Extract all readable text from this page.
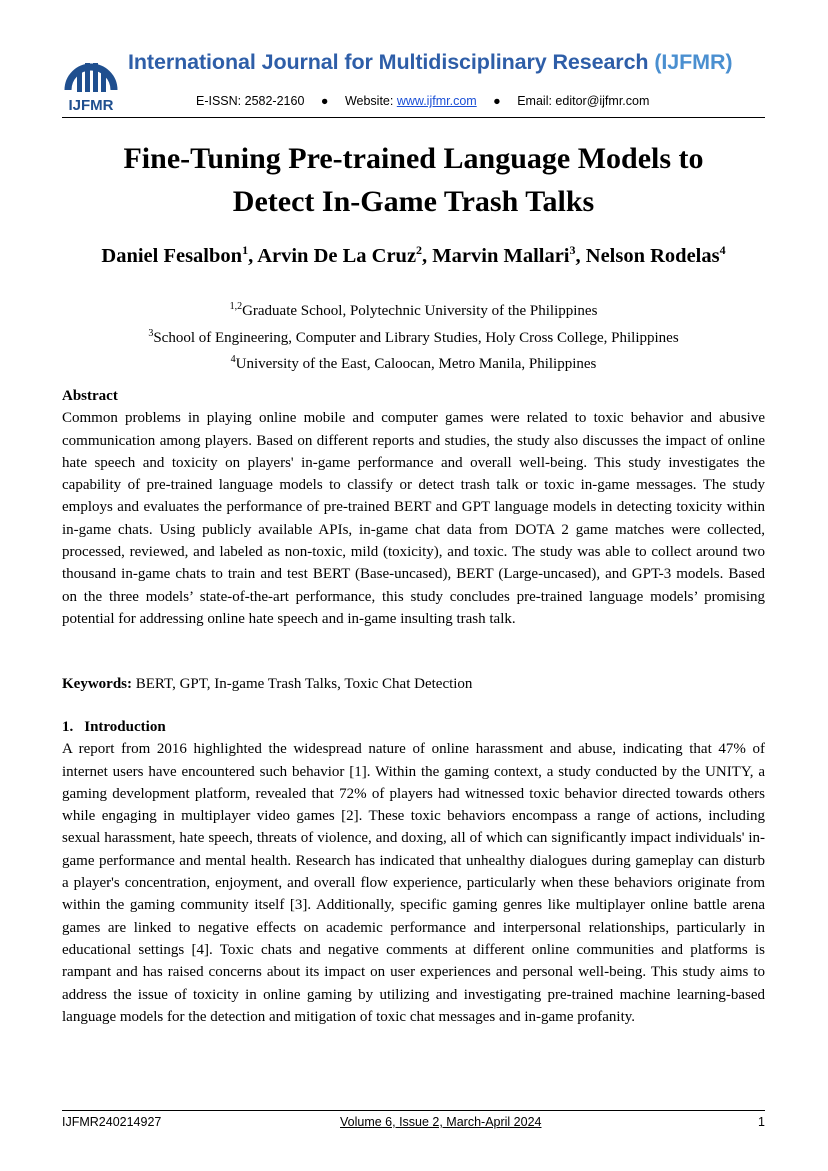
IJFMR
International Journal for Multidisciplinary Research (IJFMR)
E-ISSN: 2582-2160 ● Website: www.ijfmr.com ● Email: editor@ijfmr.com
Fine-Tuning Pre-trained Language Models to
Detect In-Game Trash Talks
Daniel Fesalbon$^1$, Arvin De La Cruz$^2$, Marvin Mallari$^3$, Nelson Rodelas$^4$
$^{1,2}$Graduate School, Polytechnic University of the Philippines
$^3$School of Engineering, Computer and Library Studies, Holy Cross College, Philippines
$^4$University of the East, Caloocan, Metro Manila, Philippines
Abstract
Common problems in playing online mobile and computer games were related to toxic behavior and abusive communication among players. Based on different reports and studies, the study also discusses the impact of online hate speech and toxicity on players' in-game performance and overall well-being. This study investigates the capability of pre-trained language models to classify or detect trash talk or toxic in-game messages. The study employs and evaluates the performance of pre-trained BERT and GPT language models in detecting toxicity within in-game chats. Using publicly available APIs, in-game chat data from DOTA 2 game matches were collected, processed, reviewed, and labeled as non-toxic, mild (toxicity), and toxic. The study was able to collect around two thousand in-game chats to train and test BERT (Base-uncased), BERT (Large-uncased), and GPT-3 models. Based on the three models’ state-of-the-art performance, this study concludes pre-trained language models’ promising potential for addressing online hate speech and in-game insulting trash talk.
Keywords: BERT, GPT, In-game Trash Talks, Toxic Chat Detection
1. Introduction
A report from 2016 highlighted the widespread nature of online harassment and abuse, indicating that 47% of internet users have encountered such behavior [1]. Within the gaming context, a study conducted by the UNITY, a gaming development platform, revealed that 72% of players had witnessed toxic behavior directed towards others while engaging in multiplayer video games [2]. These toxic behaviors encompass a range of actions, including sexual harassment, hate speech, threats of violence, and doxing, all of which can significantly impact individuals' in-game performance and mental health. Research has indicated that unhealthy dialogues during gameplay can disturb a player's concentration, enjoyment, and overall flow experience, particularly when these behaviors originate from within the gaming community itself [3]. Additionally, specific gaming genres like multiplayer online battle arena games are linked to negative effects on academic performance and interpersonal relationships, particularly in educational settings [4]. Toxic chats and negative comments at different online communities and platforms is rampant and has raised concerns about its impact on user experiences and personal well-being. This study aims to address the issue of toxicity in online gaming by utilizing and investigating pre-trained machine learning-based language models for the detection and mitigation of toxic chat messages and in-game profanity.
IJFMR240214927	Volume 6, Issue 2, March-April 2024	1
